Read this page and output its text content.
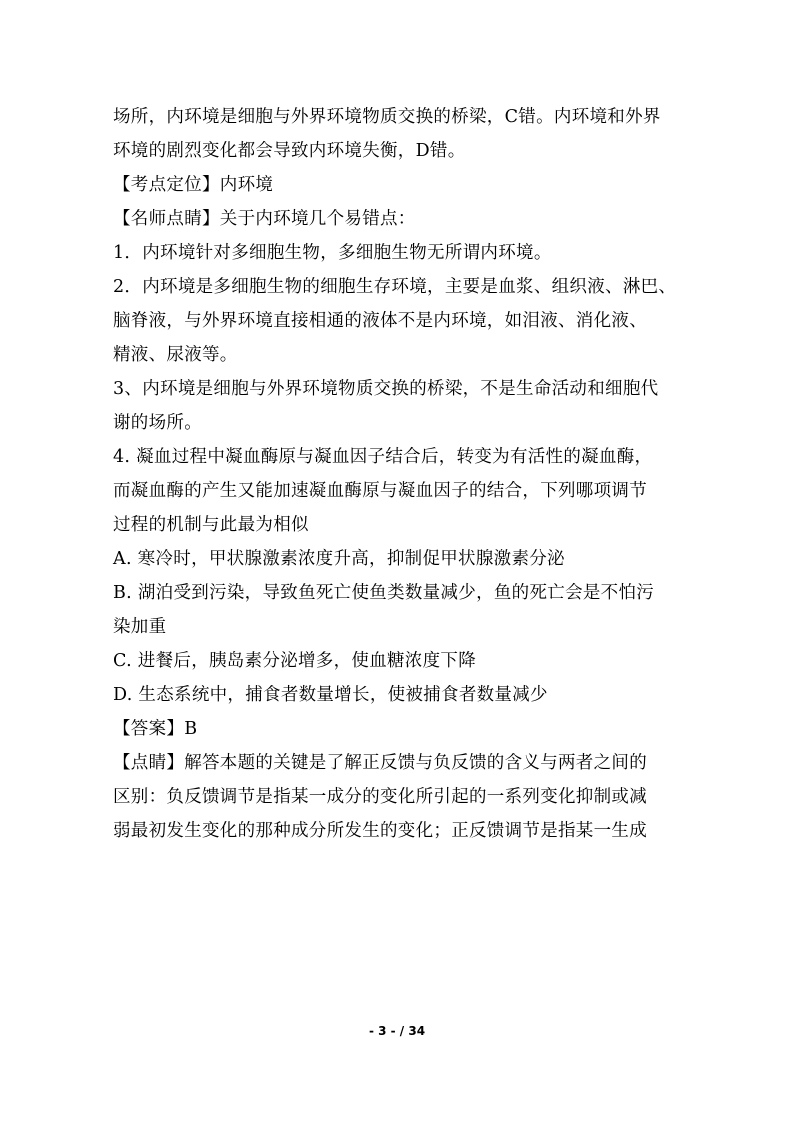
场所，内环境是细胞与外界环境物质交换的桥梁，C错。内环境和外界
环境的剧烈变化都会导致内环境失衡，D错。
【考点定位】内环境
【名师点睛】关于内环境几个易错点：
1．内环境针对多细胞生物，多细胞生物无所谓内环境。
2．内环境是多细胞生物的细胞生存环境，主要是血浆、组织液、淋巴、
脑脊液，与外界环境直接相通的液体不是内环境，如泪液、消化液、
精液、尿液等。
3、内环境是细胞与外界环境物质交换的桥梁，不是生命活动和细胞代
谢的场所。
4. 凝血过程中凝血酶原与凝血因子结合后，转变为有活性的凝血酶，
而凝血酶的产生又能加速凝血酶原与凝血因子的结合，下列哪项调节
过程的机制与此最为相似
A. 寒冷时，甲状腺激素浓度升高，抑制促甲状腺激素分泌
B. 湖泊受到污染，导致鱼死亡使鱼类数量减少，鱼的死亡会是不怕污
染加重
C. 进餐后，胰岛素分泌增多，使血糖浓度下降
D. 生态系统中，捕食者数量增长，使被捕食者数量减少
【答案】B
【点睛】解答本题的关键是了解正反馈与负反馈的含义与两者之间的
区别：负反馈调节是指某一成分的变化所引起的一系列变化抑制或减
弱最初发生变化的那种成分所发生的变化；正反馈调节是指某一生成
- 3 - / 34
